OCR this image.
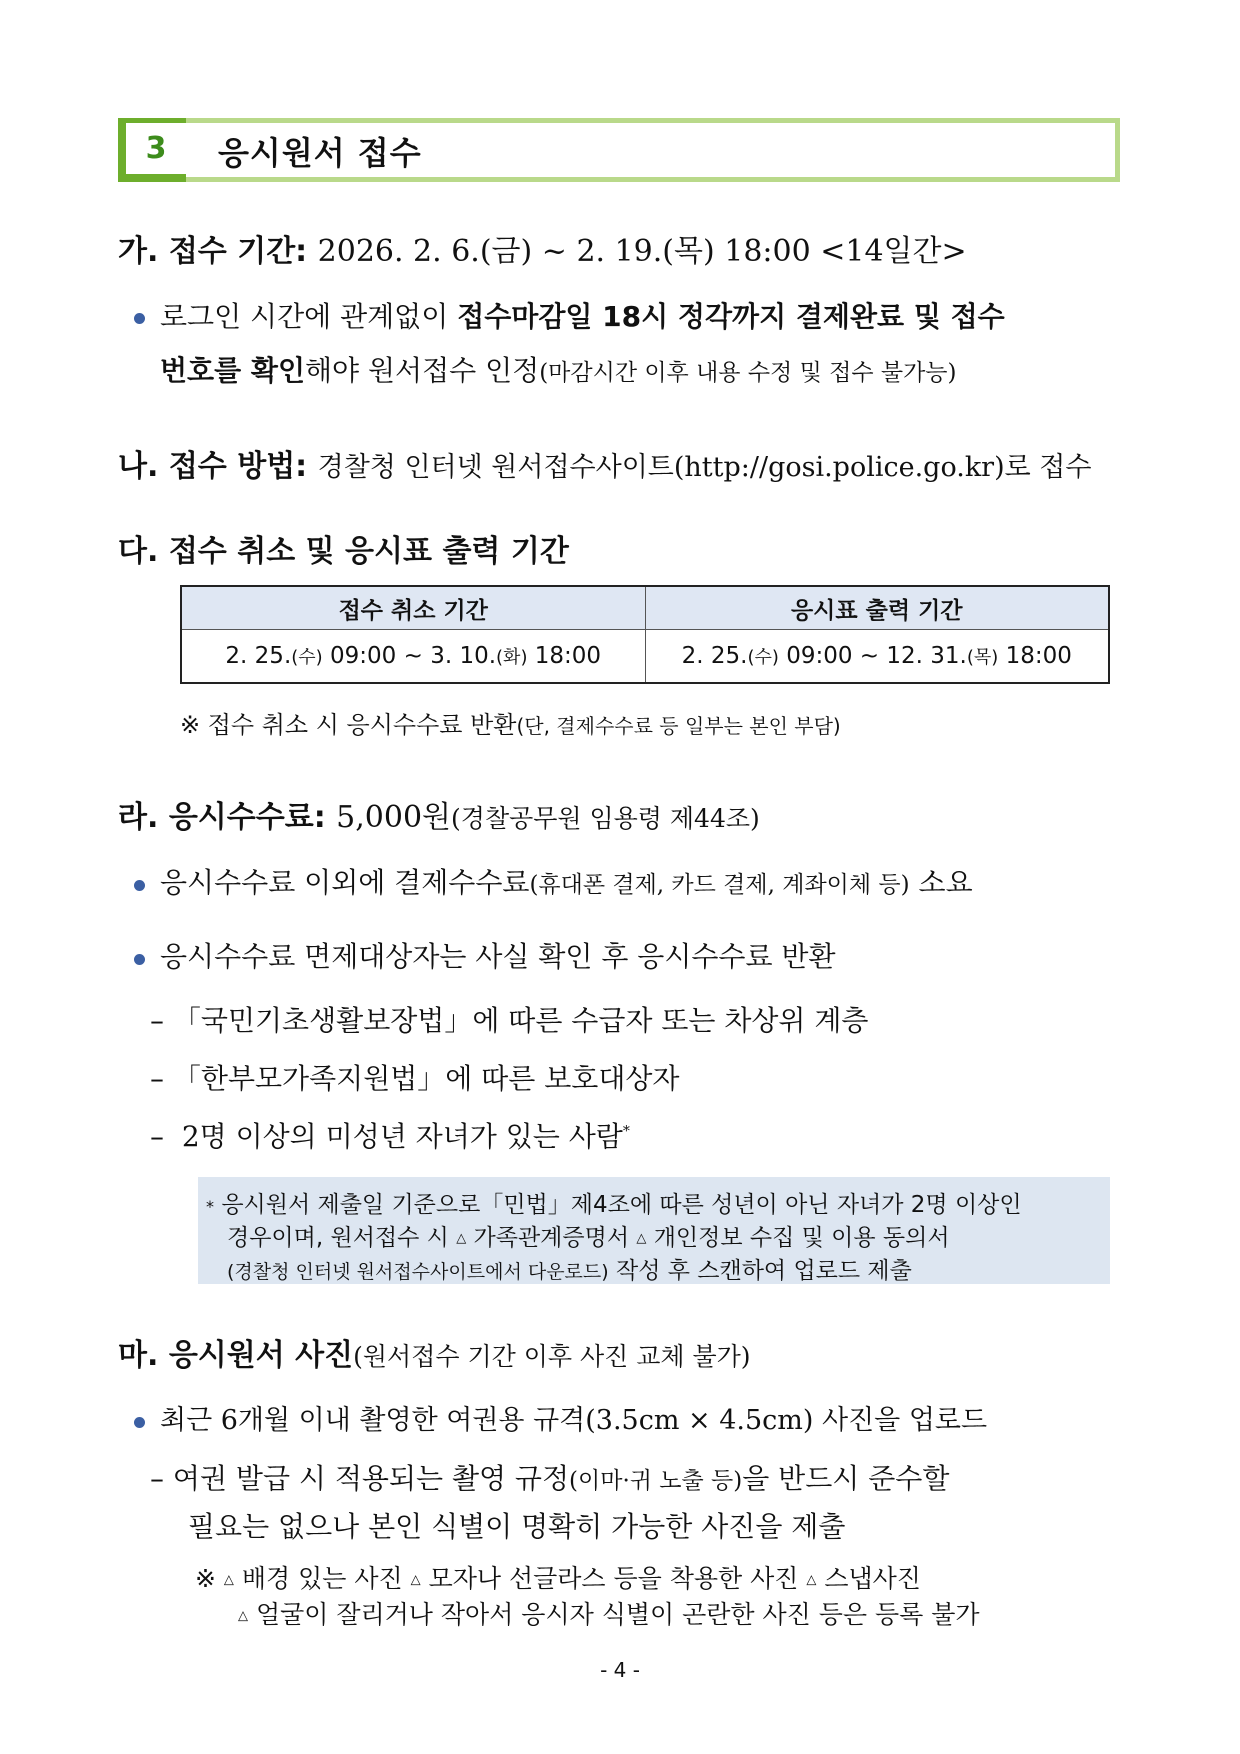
3	응시원서 접수
가. 접수 기간: 2026. 2. 6.(금) ~ 2. 19.(목) 18:00 <14일간>
로그인 시간에 관계없이 접수마감일 18시 정각까지 결제완료 및 접수
번호를 확인해야 원서접수 인정(마감시간 이후 내용 수정 및 접수 불가능)
나. 접수 방법: 경찰청 인터넷 원서접수사이트(http://gosi.police.go.kr)로 접수
다. 접수 취소 및 응시표 출력 기간
접수 취소 기간	응시표 출력 기간
2. 25.(수) 09:00 ~ 3. 10.(화) 18:00	2. 25.(수) 09:00 ~ 12. 31.(목) 18:00
※ 접수 취소 시 응시수수료 반환(단, 결제수수료 등 일부는 본인 부담)
라. 응시수수료: 5,000원(경찰공무원 임용령 제44조)
응시수수료 이외에 결제수수료(휴대폰 결제, 카드 결제, 계좌이체 등) 소요
응시수수료 면제대상자는 사실 확인 후 응시수수료 반환
– 「국민기초생활보장법」에 따른 수급자 또는 차상위 계층
– 「한부모가족지원법」에 따른 보호대상자
– 2명 이상의 미성년 자녀가 있는 사람*
* 응시원서 제출일 기준으로「민법」제4조에 따른 성년이 아닌 자녀가 2명 이상인
경우이며, 원서접수 시 △ 가족관계증명서 △ 개인정보 수집 및 이용 동의서
(경찰청 인터넷 원서접수사이트에서 다운로드) 작성 후 스캔하여 업로드 제출
마. 응시원서 사진(원서접수 기간 이후 사진 교체 불가)
최근 6개월 이내 촬영한 여권용 규격(3.5cm × 4.5cm) 사진을 업로드
– 여권 발급 시 적용되는 촬영 규정(이마·귀 노출 등)을 반드시 준수할
필요는 없으나 본인 식별이 명확히 가능한 사진을 제출
※ △ 배경 있는 사진 △ 모자나 선글라스 등을 착용한 사진 △ 스냅사진
△ 얼굴이 잘리거나 작아서 응시자 식별이 곤란한 사진 등은 등록 불가
- 4 -
